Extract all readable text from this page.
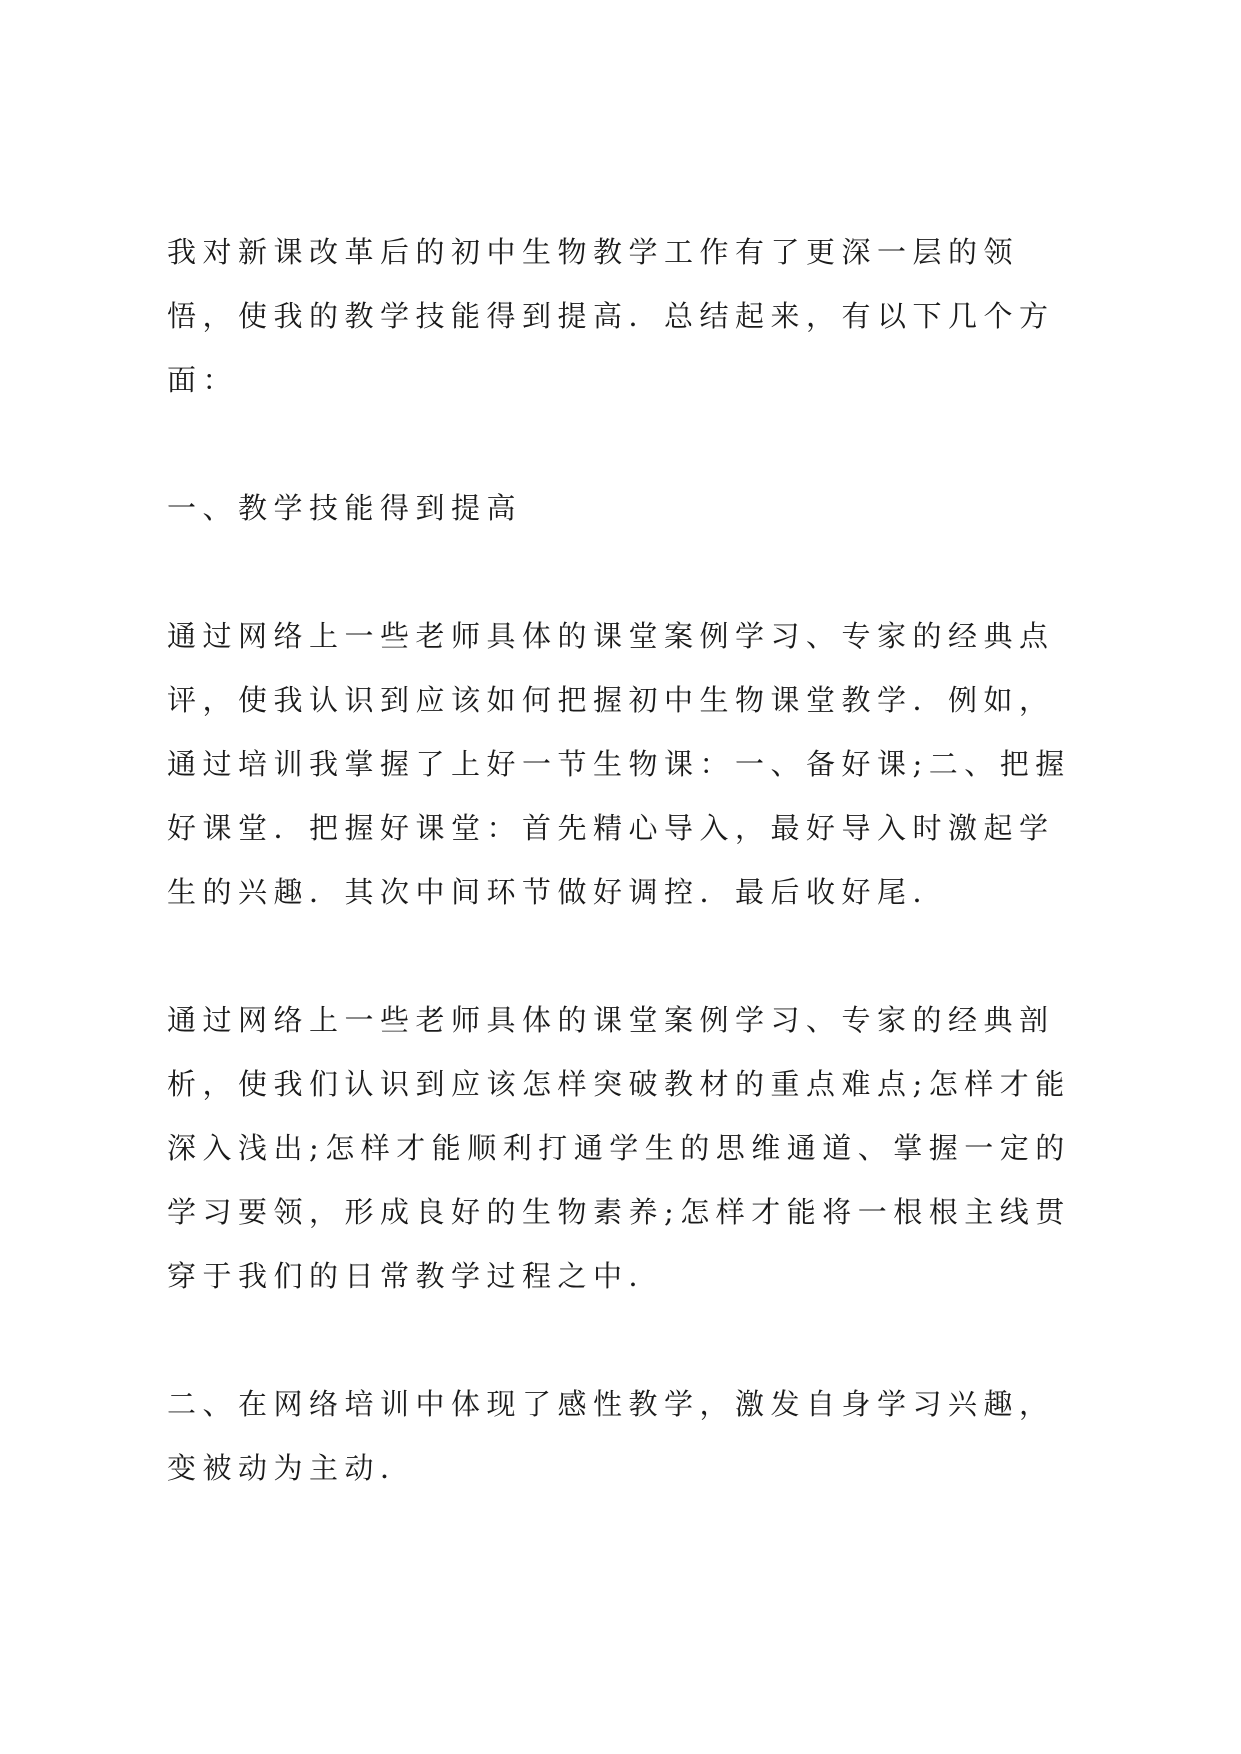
我对新课改革后的初中生物教学工作有了更深一层的领悟，使我的教学技能得到提高．总结起来，有以下几个方面：

一、教学技能得到提高

通过网络上一些老师具体的课堂案例学习、专家的经典点评，使我认识到应该如何把握初中生物课堂教学．例如，通过培训我掌握了上好一节生物课：一、备好课;二、把握好课堂．把握好课堂：首先精心导入，最好导入时激起学生的兴趣．其次中间环节做好调控．最后收好尾．

通过网络上一些老师具体的课堂案例学习、专家的经典剖析，使我们认识到应该怎样突破教材的重点难点;怎样才能深入浅出;怎样才能顺利打通学生的思维通道、掌握一定的学习要领，形成良好的生物素养;怎样才能将一根根主线贯穿于我们的日常教学过程之中．

二、在网络培训中体现了感性教学，激发自身学习兴趣，变被动为主动．
